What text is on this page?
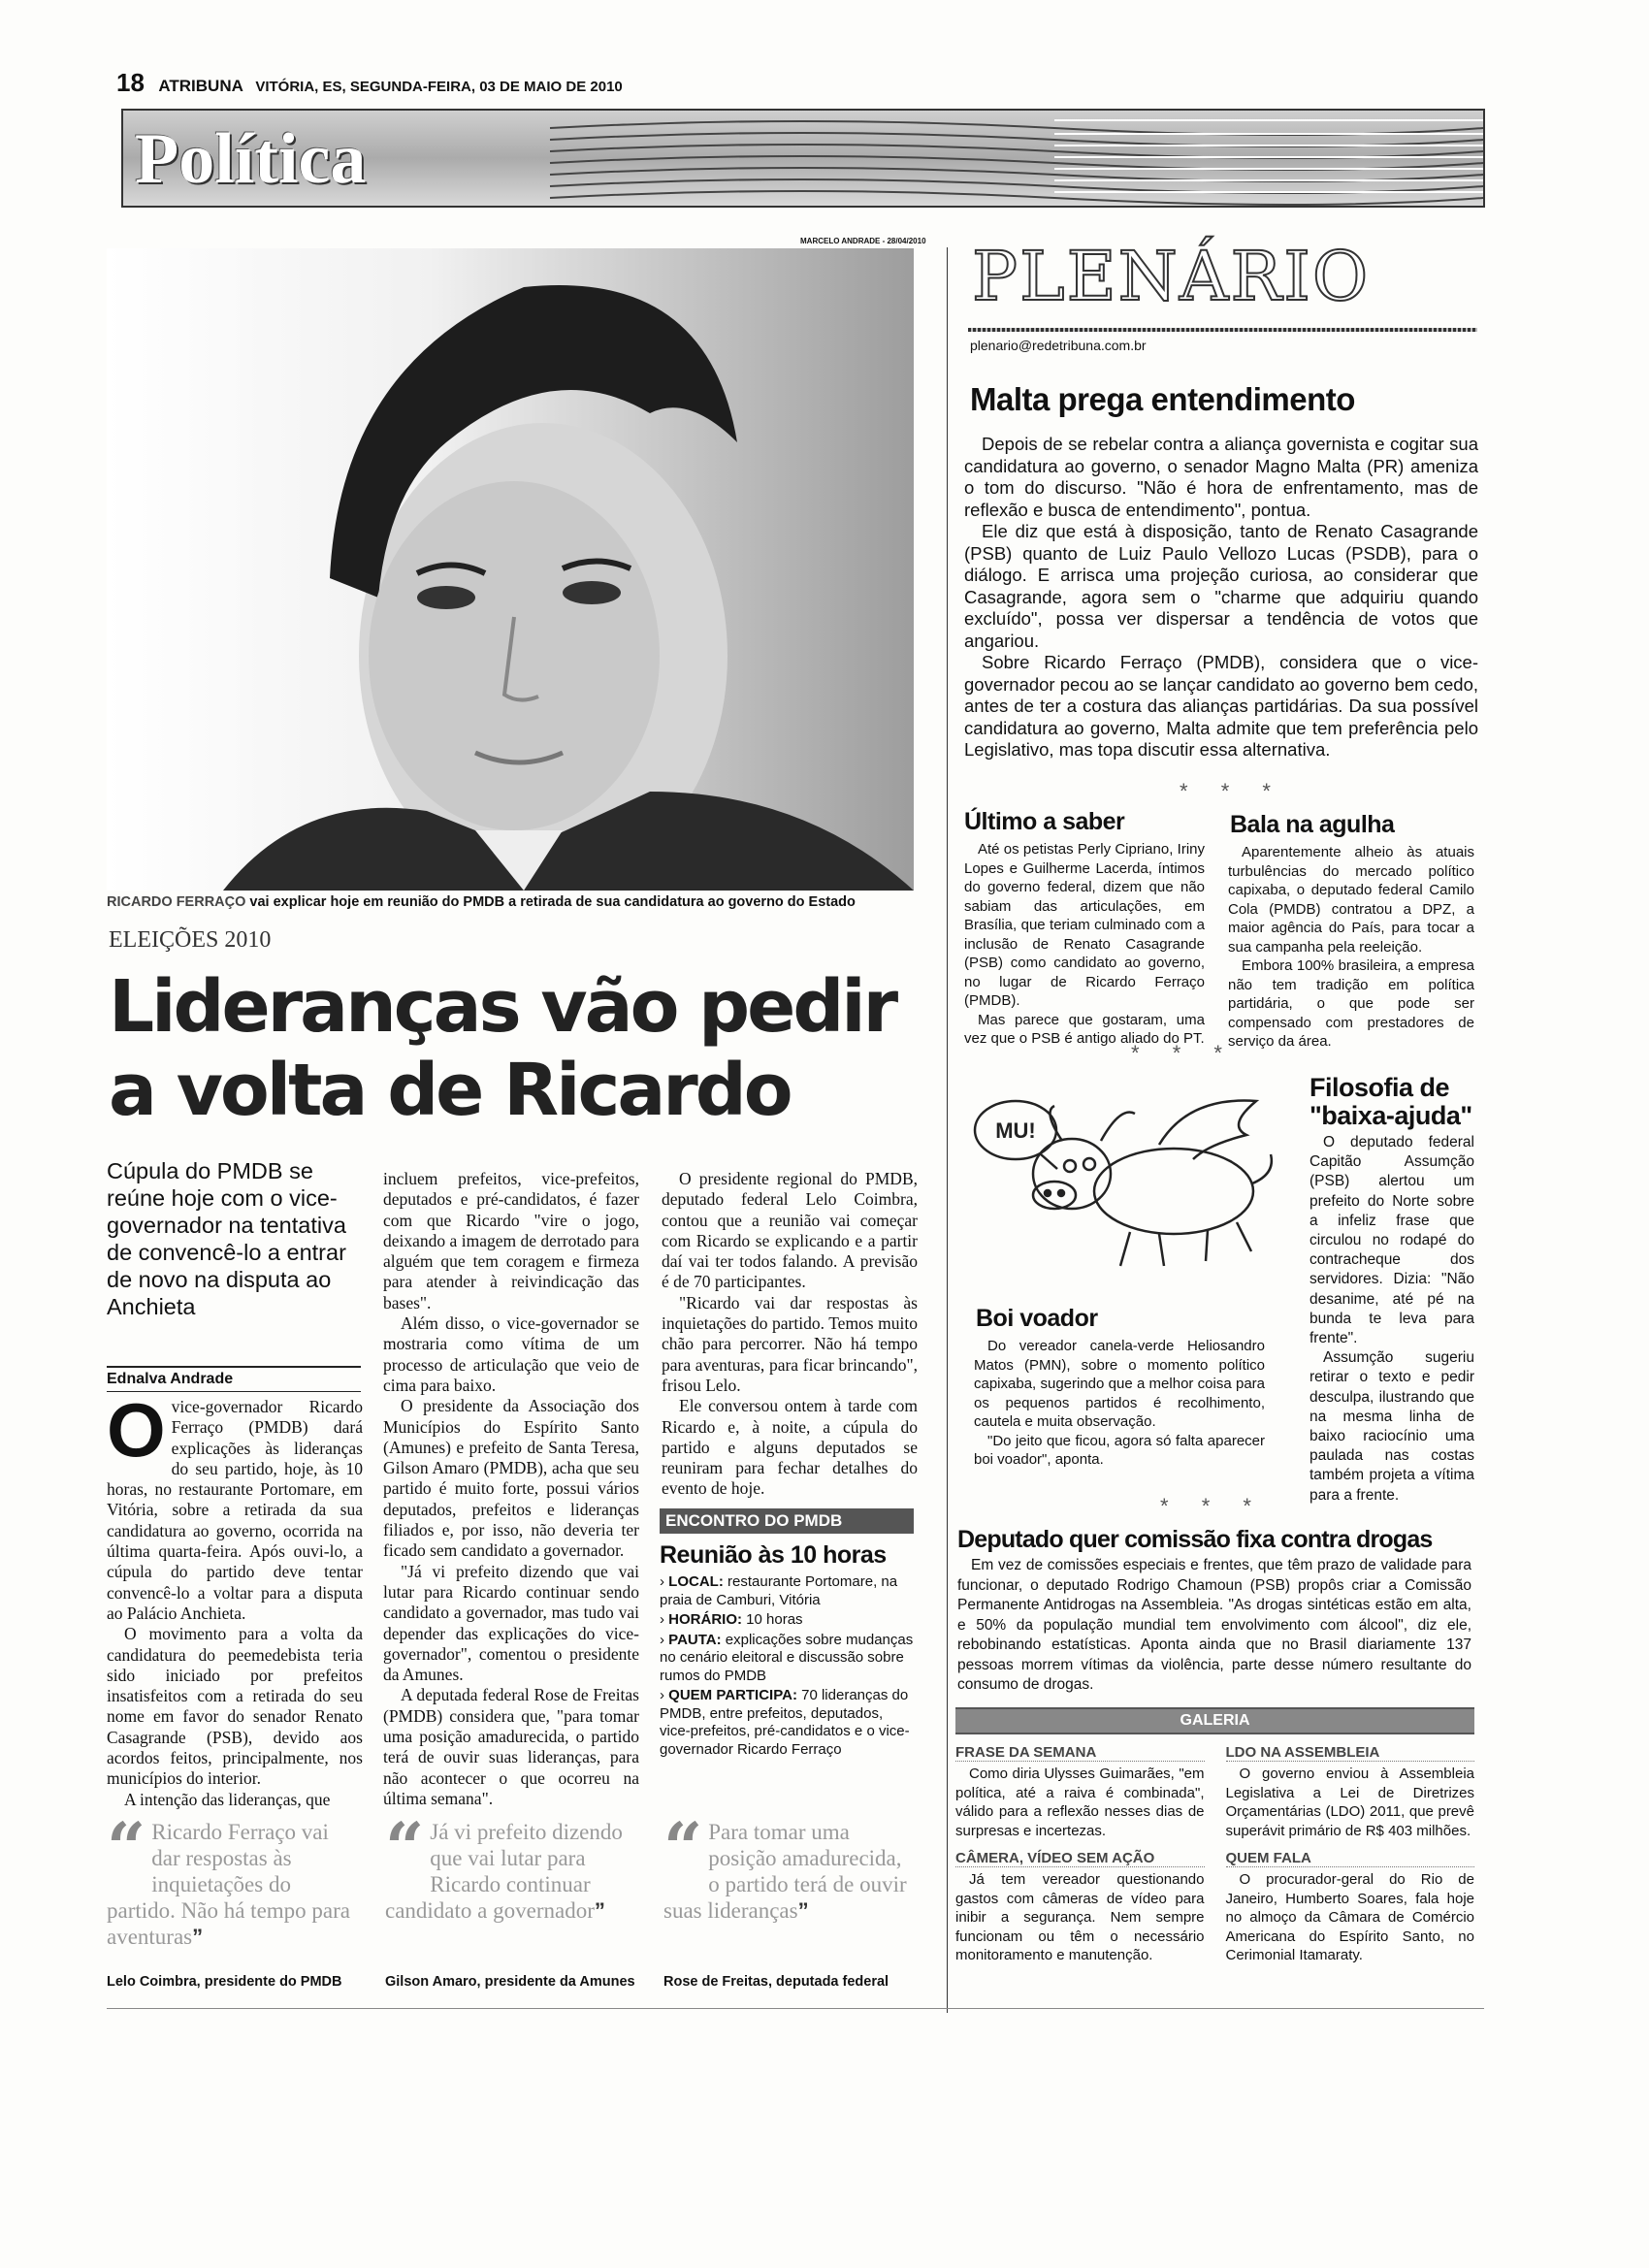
18 ATRIBUNA VITÓRIA, ES, SEGUNDA-FEIRA, 03 DE MAIO DE 2010
Política
MARCELO ANDRADE - 28/04/2010
RICARDO FERRAÇO vai explicar hoje em reunião do PMDB a retirada de sua candidatura ao governo do Estado
ELEIÇÕES 2010
Lideranças vão pedir
a volta de Ricardo
Cúpula do PMDB se reúne hoje com o vice-governador na tentativa de convencê-lo a entrar de novo na disputa ao Anchieta
Ednalva Andrade

Ovice-governador Ricardo Ferraço (PMDB) dará explicações às lideranças do seu partido, hoje, às 10 horas, no restaurante Portomare, em Vitória, sobre a retirada da sua candidatura ao governo, ocorrida na última quarta-feira. Após ouvi-lo, a cúpula do partido deve tentar convencê-lo a voltar para a disputa ao Palácio Anchieta.

O movimento para a volta da candidatura do peemedebista teria sido iniciado por prefeitos insatisfeitos com a retirada do seu nome em favor do senador Renato Casagrande (PSB), devido aos acordos feitos, principalmente, nos municípios do interior.

A intenção das lideranças, que

incluem prefeitos, vice-prefeitos, deputados e pré-candidatos, é fazer com que Ricardo "vire o jogo, deixando a imagem de derrotado para alguém que tem coragem e firmeza para atender à reivindicação das bases".

Além disso, o vice-governador se mostraria como vítima de um processo de articulação que veio de cima para baixo.

O presidente da Associação dos Municípios do Espírito Santo (Amunes) e prefeito de Santa Teresa, Gilson Amaro (PMDB), acha que seu partido é muito forte, possui vários deputados, prefeitos e lideranças filiados e, por isso, não deveria ter ficado sem candidato a governador.

"Já vi prefeito dizendo que vai lutar para Ricardo continuar sendo candidato a governador, mas tudo vai depender das explicações do vice-governador", comentou o presidente da Amunes.

A deputada federal Rose de Freitas (PMDB) considera que, "para tomar uma posição amadurecida, o partido terá de ouvir suas lideranças, para não acontecer o que ocorreu na última semana".

O presidente regional do PMDB, deputado federal Lelo Coimbra, contou que a reunião vai começar com Ricardo se explicando e a partir daí vai ter todos falando. A previsão é de 70 participantes.

"Ricardo vai dar respostas às inquietações do partido. Temos muito chão para percorrer. Não há tempo para aventuras, para ficar brincando", frisou Lelo.

Ele conversou ontem à tarde com Ricardo e, à noite, a cúpula do partido e alguns deputados se reuniram para fechar detalhes do evento de hoje.

ENCONTRO DO PMDB
Reunião às 10 horas
› LOCAL: restaurante Portomare, na praia de Camburi, Vitória
› HORÁRIO: 10 horas
› PAUTA: explicações sobre mudanças no cenário eleitoral e discussão sobre rumos do PMDB
› QUEM PARTICIPA: 70 lideranças do PMDB, entre prefeitos, deputados, vice-prefeitos, pré-candidatos e o vice-governador Ricardo Ferraço
“ Ricardo Ferraço vai dar respostas às inquietações do partido. Não há tempo para aventuras”
Lelo Coimbra, presidente do PMDB
“ Já vi prefeito dizendo que vai lutar para Ricardo continuar candidato a governador”
Gilson Amaro, presidente da Amunes
“ Para tomar uma posição amadurecida, o partido terá de ouvir suas lideranças”
Rose de Freitas, deputada federal
PLENÁRIO
plenario@redetribuna.com.br
Malta prega entendimento

Depois de se rebelar contra a aliança governista e cogitar sua candidatura ao governo, o senador Magno Malta (PR) ameniza o tom do discurso. "Não é hora de enfrentamento, mas de reflexão e busca de entendimento", pontua.

Ele diz que está à disposição, tanto de Renato Casagrande (PSB) quanto de Luiz Paulo Vellozo Lucas (PSDB), para o diálogo. E arrisca uma projeção curiosa, ao considerar que Casagrande, agora sem o "charme que adquiriu quando excluído", possa ver dispersar a tendência de votos que angariou.

Sobre Ricardo Ferraço (PMDB), considera que o vice-governador pecou ao se lançar candidato ao governo bem cedo, antes de ter a costura das alianças partidárias. Da sua possível candidatura ao governo, Malta admite que tem preferência pelo Legislativo, mas topa discutir essa alternativa.

* * *
Último a saber

Até os petistas Perly Cipriano, Iriny Lopes e Guilherme Lacerda, íntimos do governo federal, dizem que não sabiam das articulações, em Brasília, que teriam culminado com a inclusão de Renato Casagrande (PSB) como candidato ao governo, no lugar de Ricardo Ferraço (PMDB).

Mas parece que gostaram, uma vez que o PSB é antigo aliado do PT.

Bala na agulha

Aparentemente alheio às atuais turbulências do mercado político capixaba, o deputado federal Camilo Cola (PMDB) contratou a DPZ, a maior agência do País, para tocar a sua campanha pela reeleição.

Embora 100% brasileira, a empresa não tem tradição em política partidária, o que pode ser compensado com prestadores de serviço da área.

* * *
MU!
Filosofia de
"baixa-ajuda"

O deputado federal Capitão Assumção (PSB) alertou um prefeito do Norte sobre a infeliz frase que circulou no rodapé do contracheque dos servidores. Dizia: "Não desanime, até pé na bunda te leva para frente".

Assumção sugeriu retirar o texto e pedir desculpa, ilustrando que na mesma linha de baixo raciocínio uma paulada nas costas também projeta a vítima para a frente.

Boi voador

Do vereador canela-verde Heliosandro Matos (PMN), sobre o momento político capixaba, sugerindo que a melhor coisa para os pequenos partidos é recolhimento, cautela e muita observação.

"Do jeito que ficou, agora só falta aparecer boi voador", aponta.

* * *
Deputado quer comissão fixa contra drogas

Em vez de comissões especiais e frentes, que têm prazo de validade para funcionar, o deputado Rodrigo Chamoun (PSB) propôs criar a Comissão Permanente Antidrogas na Assembleia. "As drogas sintéticas estão em alta, e 50% da população mundial tem envolvimento com álcool", diz ele, rebobinando estatísticas. Aponta ainda que no Brasil diariamente 137 pessoas morrem vítimas da violência, parte desse número resultante do consumo de drogas.

GALERIA
FRASE DA SEMANA
Como diria Ulysses Guimarães, "em política, até a raiva é combinada", válido para a reflexão nesses dias de surpresas e incertezas.
LDO NA ASSEMBLEIA
O governo enviou à Assembleia Legislativa a Lei de Diretrizes Orçamentárias (LDO) 2011, que prevê superávit primário de R$ 403 milhões.
CÂMERA, VÍDEO SEM AÇÃO
Já tem vereador questionando gastos com câmeras de vídeo para inibir a segurança. Nem sempre funcionam ou têm o necessário monitoramento e manutenção.
QUEM FALA
O procurador-geral do Rio de Janeiro, Humberto Soares, fala hoje no almoço da Câmara de Comércio Americana do Espírito Santo, no Cerimonial Itamaraty.
